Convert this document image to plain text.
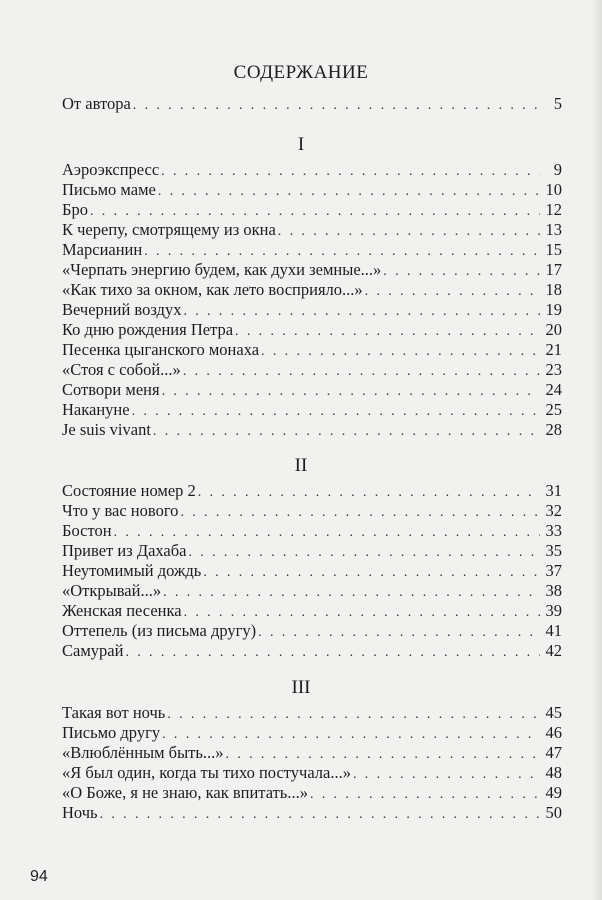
СОДЕРЖАНИЕ
От автора . . .	5
I
Аэроэкспресс . . .	9
Письмо маме . . .	10
Бро . . .	12
К черепу, смотрящему из окна . . .	13
Марсианин . . .	15
«Черпать энергию будем, как духи земные...» . . .	17
«Как тихо за окном, как лето восприяло...» . . .	18
Вечерний воздух . . .	19
Ко дню рождения Петра . . .	20
Песенка цыганского монаха . . .	21
«Стоя с собой...» . . .	23
Сотвори меня . . .	24
Накануне . . .	25
Je suis vivant . . .	28
II
Состояние номер 2 . . .	31
Что у вас нового . . .	32
Бостон . . .	33
Привет из Дахаба . . .	35
Неутомимый дождь . . .	37
«Открывай...» . . .	38
Женская песенка . . .	39
Оттепель (из письма другу) . . .	41
Самурай . . .	42
III
Такая вот ночь . . .	45
Письмо другу . . .	46
«Влюблённым быть...» . . .	47
«Я был один, когда ты тихо постучала...» . . .	48
«О Боже, я не знаю, как впитать...» . . .	49
Ночь . . .	50
94
